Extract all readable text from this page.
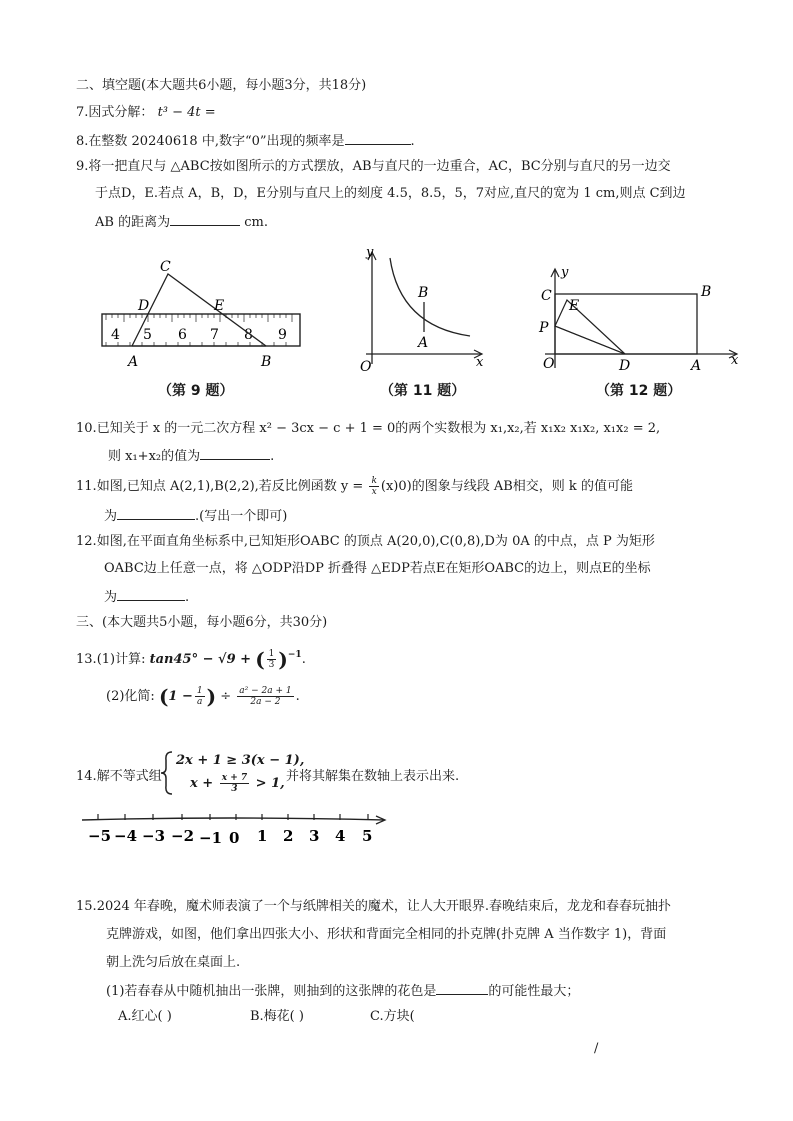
二、填空题(本大题共6小题，每小题3分，共18分)
7.因式分解： t³ − 4t =
8.在整数 20240618 中,数字“0”出现的频率是	.
9.将一把直尺与 △ABC按如图所示的方式摆放，AB与直尺的一边重合，AC，BC分别与直尺的另一边交
于点D，E.若点 A，B，D，E分别与直尺上的刻度 4.5，8.5，5，7对应,直尺的宽为 1 cm,则点 C到边
AB 的距离为	cm.
4 5 6 7 8 9
C
D	E
A	B
（第 9 题）
y
x
O
B
A
（第 11 题）
y
x
O
C
E
B
P
D	A
（第 12 题）
10.已知关于 x 的一元二次方程 x² − 3cx − c + 1 = 0的两个实数根为 x₁,x₂,若 x₁x₂ x₁x₂, x₁x₂ = 2,
则 x₁+x₂的值为	.
11.如图,已知点 A(2,1),B(2,2),若反比例函数 $y = \frac{k}{x} (x)0$)的图象与线段 AB相交，则 k 的值可能
为	.(写出一个即可)
12.如图,在平面直角坐标系中,已知矩形OABC 的顶点 A(20,0),C(0,8),D为 0A 的中点，点 P 为矩形
OABC边上任意一点，将 △ODP沿DP 折叠得 △EDP若点E在矩形OABC的边上，则点E的坐标
为	.
三、(本大题共5小题，每小题6分，共30分)
13.(1)计算: tan45° − √9 + ( $\frac{1}{3} )^{-1}$.
(2)化简: ($1 - \frac{1}{a}$ ) ÷ $\frac{\text{a² − 2a + 1}}{2a - 2}$ .
14.解不等式组
2x + 1 ≥ 3(x − 1),
$x + \frac{x + 7}{3} > 1$, 并将其解集在数轴上表示出来.
−5 −4 −3 −2 −1 0 1 2 3 4 5
15.2024 年春晚，魔术师表演了一个与纸牌相关的魔术，让人大开眼界.春晚结束后，龙龙和春春玩抽扑
克牌游戏，如图，他们拿出四张大小、形状和背面完全相同的扑克牌(扑克牌 A 当作数字 1)，背面
朝上洗匀后放在桌面上.
(1)若春春从中随机抽出一张牌，则抽到的这张牌的花色是	的可能性最大；
A.红心( )	B.梅花( )	C.方块(
/
